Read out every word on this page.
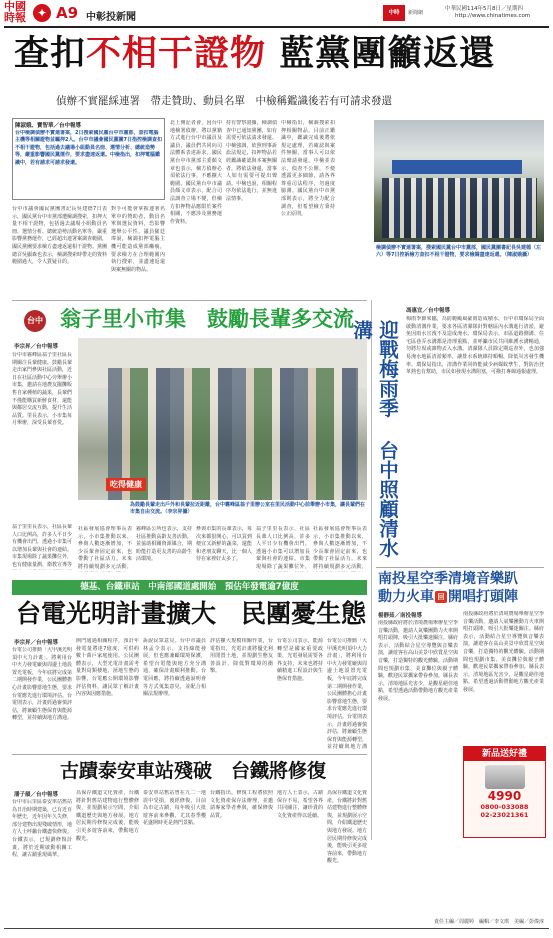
中國
時報 ✦ A9 中彰投新聞	中時	新聞網
中華民國114年5月8日／星期四
http://www.chinatimes.com
查扣不相干證物 藍黨團籲返還
偵辦不實罷綵連署　帶走贊助、動員名單　中檢稱鑑識後若有可請求發還
陳淑娥、寶智華／台中報導
台中檢調偵辦不實連署案，2日搜索國民黨台中市黨部，查扣電腦主機等相關證物並羈押2人。台中市議會國民黨團7日指控檢調查扣不相干證物，包括過去議場小組動員名冊、選情分析、總統造勢等，嚴重影響國民黨運作，要求盡速返還。中檢指出，扣押電腦鑑識中，若有請求可請求發還。
台中市議會國民黨團書記長吳建德7日表示，國民黨台中市黨部遭檢調搜索，扣押大量不相干證物，包括過去議場小組動員名冊、選情分析、總統造勢活動名單等，嚴重影響黨務運作，已經超出連署案調查範圍，國民黨團要求檢方盡速返還相干證物。黨團總召吳顯森也表示，檢調搜索時帶走的資料範圍過大，令人質疑目的。
對手可能會掌握連署名單中的贊助者、動員名單與選民資料，恐影響選舉公平性。議員羅廷瑋說，檢調扣押電腦主機可能造成黨部癱瘓，要求檢方在合理範圍內執行搜索，並盡速返還與案無關的物品。
北上開記者會，因台中地檢署偵辦，將以黨籍方式進行台中市議員及議員，議員們共同向司法體系表達訴求。國民黨台中市黨部主委顏文章也表示，檢方偵辦必須依法行事，不應擴大範圍。國民黨台中市議員顏文章表示，配合司法調查立場不變，但檢方扣押物品應限於案件相關，不應涉及黨務運作資料。
持有警察證據，檢調偵查中已通知黨團，如有需要可依法請求發還。中檢強調，依照刑事訴訟法規定，扣押物品若經鑑識確認與本案無關者，將依法發還，當事人如有需要可提出聲請。中檢也說，相關程序均依法進行，並無違法情事。
中檢指出，檢調搜索扣押相關物品，目前正鑑識中，鑑識完成後將依規定處理，若確認與案件無關，當事人可以依法聲請發還。中檢並表示，偵查不公開，不便透露更多細節，請各界尊重司法程序，勿過度臆測。國民黨台中市黨部則表示，將全力配合調查，但希望檢方秉持公正原則。
檢調偵辦不實連署案，搜索國民黨台中市黨部，國民黨團書記長吳建德（左六）等7日控訴檢方查扣不相干證物，要求檢調盡速返還。（陳淑娥攝）
台中 翁子里小市集　鼓勵長輩多交流
李宗昇／台中報導
台中市霧峰區翁子里社區長期關注長輩健康，鼓勵長輩走出家門參與社區活動，近日在社區活動中心旁舉辦小市集，邀請在地農友擺攤販售自家種植的蔬果，長輩們不僅能購買新鮮食材，還能與鄰居交流互動，提升生活品質。里長表示，小市集每月舉辦，深受長輩喜愛。
翁子里里長表示，社區長輩人口比例高，許多人平日少有機會出門，透過小市集可以增加長輩與社會的連結。市集現場除了蔬果攤位外，也有健康量測、衛教宣導等
吃得健康
為鼓勵長輩走出戶外和長輩拉近距離，台中霧峰區翁子里辦公室在里民活動中心前舉辦小市集，讓長輩們在市集自由交流。（李宗昇攝）
社區發展協會理事長表示，小市集推動以來，參與人數逐漸增加，不少長輩會固定前來，也帶動了社區活力。未來將持續規劃多元活動，
霧峰區公所也表示，支持社區推動高齡友善活動，並協助相關資源媒合，期盼能打造更友善的高齡生活環境。
參與市集的長輩表示，每次來都很開心，可以買到便宜又新鮮的蔬菜，還能和老朋友聊天，比一個人待在家裡好太多了。
翁子里里長表示，社區長輩人口比例高，許多人平日少有機會出門，透過小市集可以增加長輩與社會的連結。市集現場除了蔬果攤位外，
社區發展協會理事長表示，小市集推動以來，參與人數逐漸增加，不少長輩會固定前來，也帶動了社區活力。未來將持續規劃多元活動，
馮惠宜／台中報導
迎戰梅雨季 台中照顧清水溝
梅雨季節來臨，為防範颱風豪雨造成積水，台中市環保局全面啟動清溝作業，要求各區清潔隊針對轄區內水溝進行清淤，避免因雨水宣洩不及造成淹水。環保局表示，市區道路側溝、住宅區巷弄水溝都是清理重點，並呼籲市民共同維護水溝暢通，勿將垃圾或雜物丟入水溝。清潔隊人員除定期巡查外，也加強易淹水地區清淤頻率，讓排水系統維持順暢，降低災害發生機率。環保局指出，清溝作業同時能減少病媒蚊孳生，對防治登革熱也有幫助，市民如發現水溝阻塞，可撥打專線通報處理。
南投星空季清境音樂趴
動力火車 回 開唱打頭陣
楊靜茹／南投報導
南投縣政府將於清境農場舉辦星空季音樂活動，邀請人氣樂團動力火車開唱打頭陣，吸引大批樂迷關注。縣府表示，活動結合星空導覽與音樂表演，讓遊客在高山美景中欣賞星空與音樂，打造獨特的觀光體驗。活動期間也規劃市集、美食攤位與親子體驗，歡迎民眾攜家帶眷參加。縣長表示，清境地區光害少，是觀星絕佳地點，希望透過活動帶動地方觀光產業發展。
南投縣政府將於清境農場舉辦星空季音樂活動，邀請人氣樂團動力火車開唱打頭陣，吸引大批樂迷關注。縣府表示，活動結合星空導覽與音樂表演，讓遊客在高山美景中欣賞星空與音樂，打造獨特的觀光體驗。活動期間也規劃市集、美食攤位與親子體驗，歡迎民眾攜家帶眷參加。縣長表示，清境地區光害少，是觀星絕佳地點，希望透過活動帶動地方觀光產業發展。
新品送好禮
4990
0800-033088
02-23021361
德基、台鐵車站　中南部國道處開始　預估年發電逾7億度
台電光明計畫擴大　民團憂生態
李宗昇／台中報導
台電公司推動「大甲溪光明頂中大力計畫」，將利用台中火力發電廠與周邊土地設置光電板，今年底將完成第二期開發作業，公民團體擔心計畫影響當地生態，要求台電應先進行環境評估。台電則表示，計畫經過審慎評估，將兼顧生態保育與能源轉型，並持續與地方溝通。
開門通過相關程序，預計年發電量將達7億度，可供約數十萬戶家庭使用。公民團體表示，大型光電計畫需考量對鳥類棲地、溼地生態的影響，台電應公開環境影響評估資料，讓民眾了解計畫內容與因應措施。
訴說民眾意見。台中市議員林孟令表示，支持綠能發展，但也應兼顧環境保護，希望台電能與地方充分溝通，確保計畫順利推動。台電回應，將持續透過說明會等方式蒐集意見，並配合相關法規辦理。
評估擴大規模相關作業，台電指出，光電計畫將優先利用閒置土地，並規劃生態友善設計，降低對環境的衝擊。
台電公司表示，能源轉型是國家重要政策，光電發展需要各界支持，未來也將持續精進工程設計與生態保育措施。
台電公司推動「大甲溪光明頂中大力計畫」，將利用台中火力發電廠與周邊土地設置光電板，今年底將完成第二期開發作業，公民團體擔心計畫影響當地生態，要求台電應先進行環境評估。台電則表示，計畫經過審慎評估，將兼顧生態保育與能源轉型，並持續與地方溝
古蹟泰安車站殘破　台鐵將修復
潘子韻／台中報導
台中市后里區泰安車站舊站為日治時期建築，已有近百年歷史，近年因年久失修，部分建物出現殘破情形，地方人士呼籲台鐵盡快修復。台鐵表示，已規劃修復計畫，將於近期啟動相關工程，讓古蹟重現風華。
為保存鐵道文化資產，台鐵將針對舊站建物進行整體修復，並規劃展示空間，介紹鐵道歷史與地方發展。地方居民期待修復完成後，能吸引更多遊客前來，帶動地方觀光。
泰安車站舊站曾在九二一地震中受損，後經修復，目前為市定古蹟，每年吸引大批遊客前來參觀，尤其春季櫻花盛開時更是熱門景點。
台鐵指出，修復工程將依照文化資產保存法辦理，並邀請專家學者參與，確保修復品質。
地方人士表示，古蹟保存不易，希望各界共同關注，讓珍貴的文化資產得以延續。
為保存鐵道文化資產，台鐵將針對舊站建物進行整體修復，並規劃展示空間，介紹鐵道歷史與地方發展。地方居民期待修復完成後，能吸引更多遊客前來，帶動地方觀光。
責任主編／周麗婷　編輯／李文琪　美編／彭偉淳
